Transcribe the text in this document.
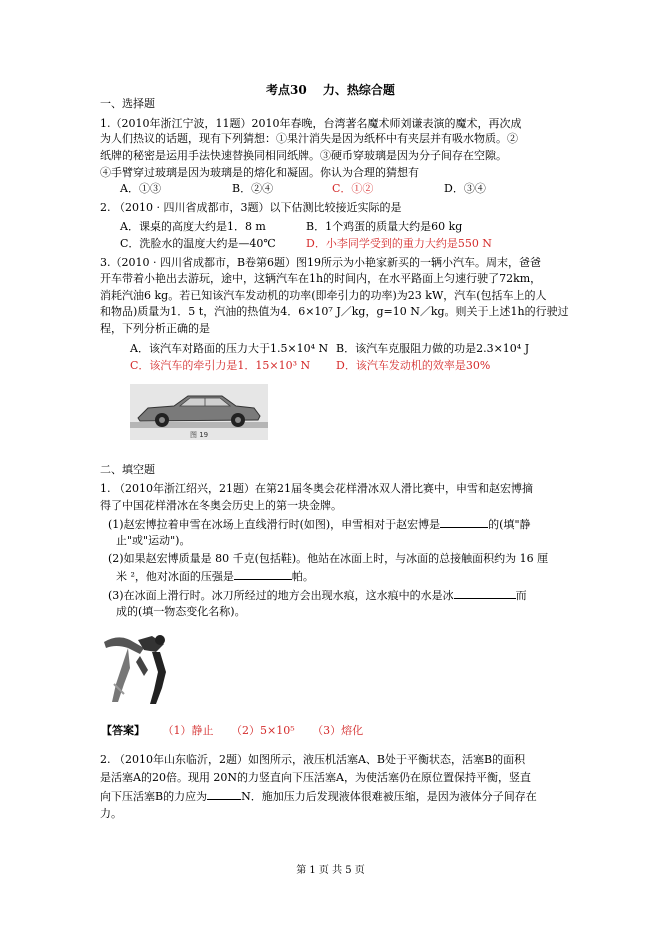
考点30　 力、热综合题
一、选择题
1.（2010年浙江宁波，11题）2010年春晚，台湾著名魔术师刘谦表演的魔术，再次成
为人们热议的话题，现有下列猜想：①果汁消失是因为纸杯中有夹层并有吸水物质。②
纸牌的秘密是运用手法快速替换同相同纸牌。③硬币穿玻璃是因为分子间存在空隙。
④手臂穿过玻璃是因为玻璃是的熔化和凝固。你认为合理的猜想有
A．①③	B．②④	C．①②	D．③④
2. （2010 · 四川省成都市，3题）以下估测比较接近实际的是
A．课桌的高度大约是1．8 m	B．1个鸡蛋的质量大约是60 kg
C．洗脸水的温度大约是—40℃	D．小李同学受到的重力大约是550 N
3.（2010 · 四川省成都市，B卷第6题）图19所示为小艳家新买的一辆小汽车。周末，爸爸
开车带着小艳出去游玩，途中，这辆汽车在1h的时间内，在水平路面上匀速行驶了72km，
消耗汽油6 kg。若已知该汽车发动机的功率(即牵引力的功率)为23 kW，汽车(包括车上的人
和物品)质量为1．5 t，汽油的热值为4．6×10⁷ J／kg，g=10 N／kg。则关于上述1h的行驶过
程，下列分析正确的是
A．该汽车对路面的压力大于1.5×10⁴ N B．该汽车克服阻力做的功是2.3×10⁴ J
C．该汽车的牵引力是1．15×10³ N D．该汽车发动机的效率是30%
图 19
二、填空题
1. （2010年浙江绍兴，21题）在第21届冬奥会花样滑冰双人滑比赛中，申雪和赵宏博摘
得了中国花样滑冰在冬奥会历史上的第一块金牌。
(1)赵宏博拉着申雪在冰场上直线滑行时(如图)，申雪相对于赵宏博是	的(填"静
止"或"运动")。
(2)如果赵宏博质量是 80 千克(包括鞋)。他站在冰面上时，与冰面的总接触面积约为 16 厘
米 ²，他对冰面的压强是	帕。
(3)在冰面上滑行时。冰刀所经过的地方会出现水痕，这水痕中的水是冰	而
成的(填一物态变化名称)。
【答案】 （1）静止 （2）5×10⁵ （3）熔化
2. （2010年山东临沂，2题）如图所示，液压机活塞A、B处于平衡状态，活塞B的面积
是活塞A的20倍。现用 20N的力竖直向下压活塞A，为使活塞仍在原位置保持平衡，竖直
向下压活塞B的力应为	N．施加压力后发现液体很难被压缩，是因为液体分子间存在
力。
第 1 页 共 5 页
